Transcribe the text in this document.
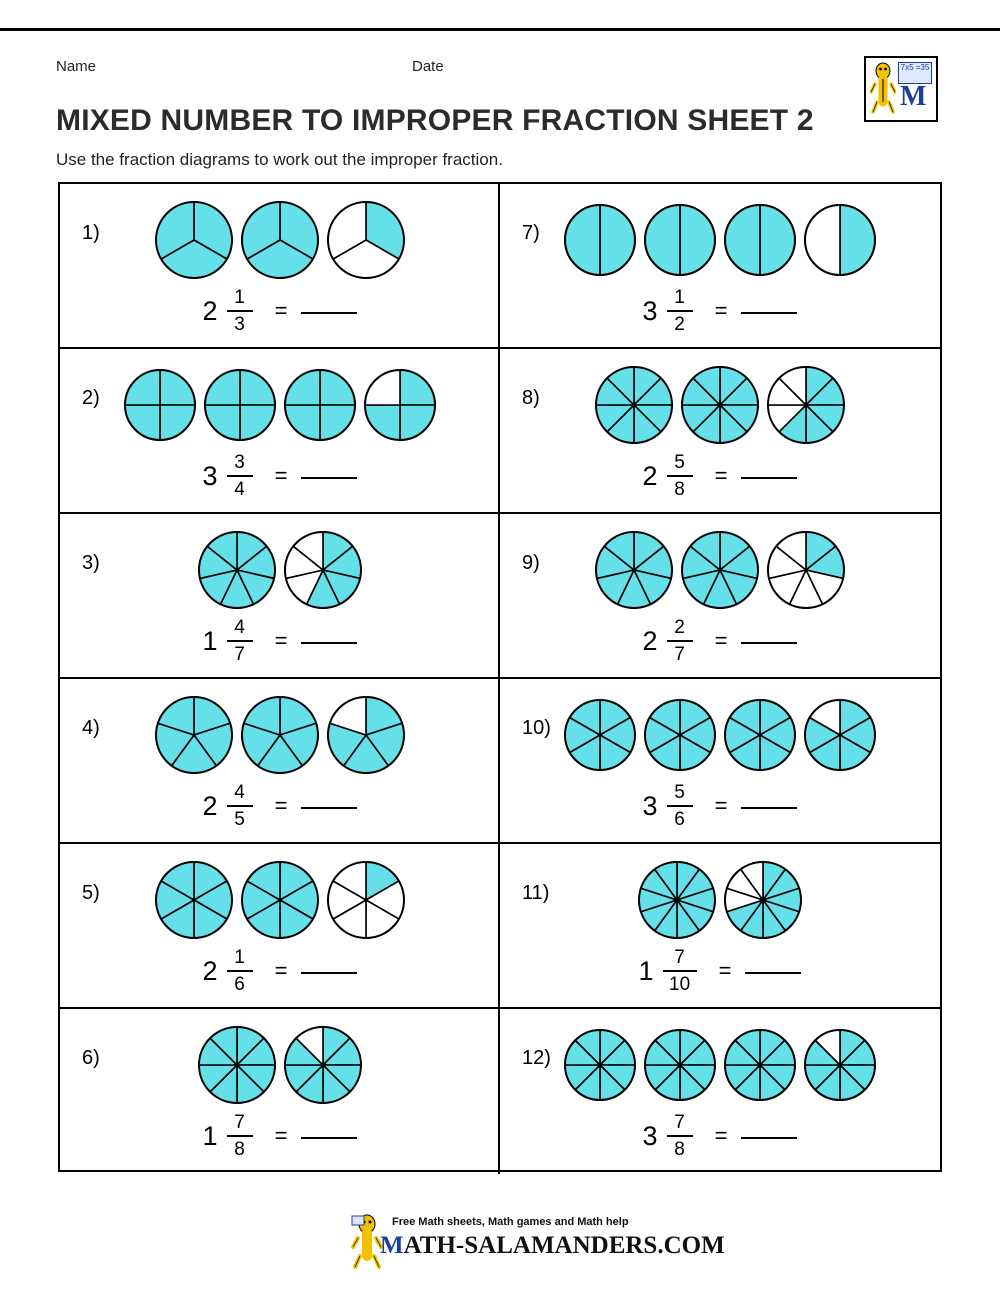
Name	Date	7x5 =35
M
MIXED NUMBER TO IMPROPER FRACTION SHEET 2
Use the fraction diagrams to work out the improper fraction.
1)
$2 \frac{1}{3}$ =
2)
$3 \frac{3}{4}$ =
3)
$1 \frac{4}{7}$ =
4)
$2 \frac{4}{5}$ =
5)
$2 \frac{1}{6}$ =
6)
$1 \frac{7}{8}$ =
7)
$3 \frac{1}{2}$ =
8)
$2 \frac{5}{8}$ =
9)
$2 \frac{2}{7}$ =
10)
$3 \frac{5}{6}$ =
11)
$1 \frac{7}{10}$ =
12)
$3 \frac{7}{8}$ =
Free Math sheets, Math games and Math help
MATH-SALAMANDERS.COM
